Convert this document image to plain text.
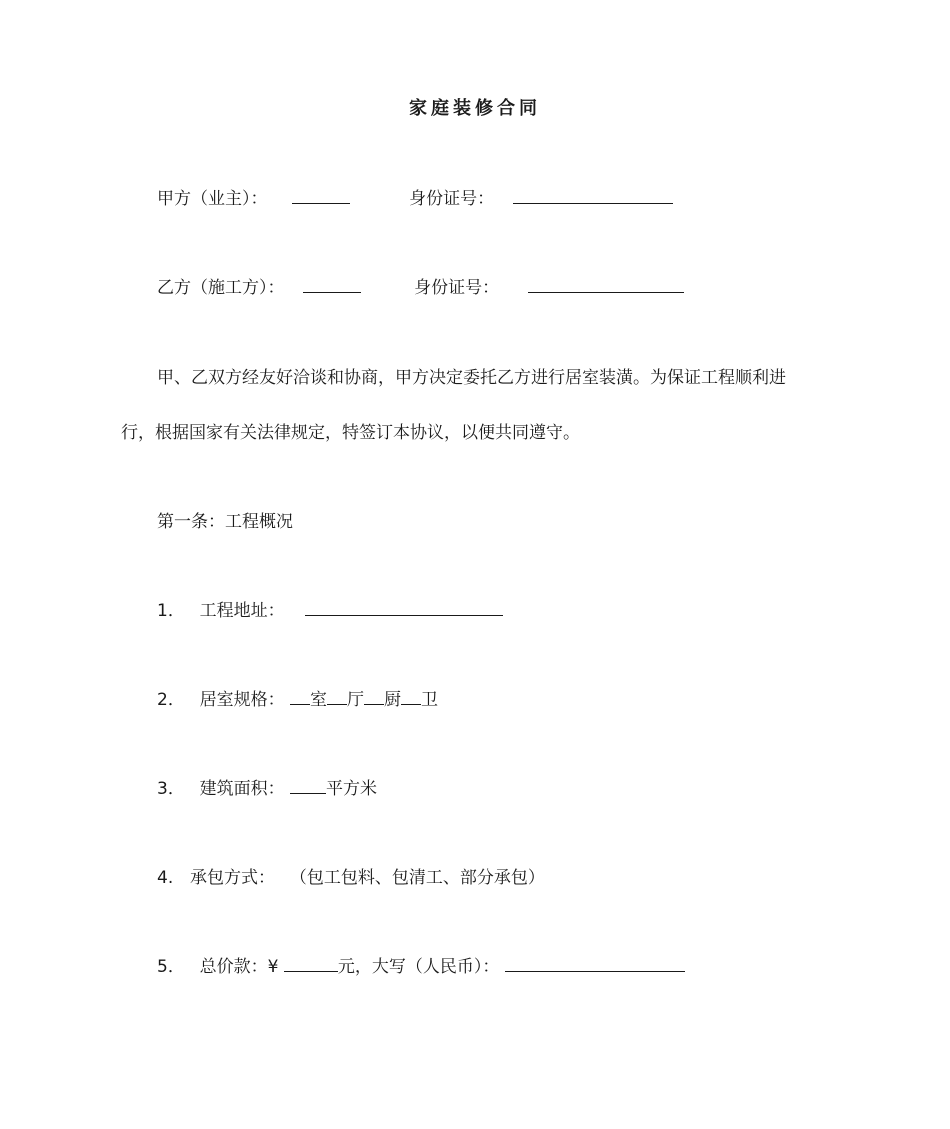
家庭装修合同
甲方（业主）：	身份证号：
乙方（施工方）：	身份证号：
甲、乙双方经友好洽谈和协商，甲方决定委托乙方进行居室装潢。为保证工程顺利进
行，根据国家有关法律规定，特签订本协议，以便共同遵守。
第一条：工程概况
1． 工程地址：
2． 居室规格： 室 厅 厨 卫
3． 建筑面积： 平方米
4. 承包方式： （包工包料、包清工、部分承包）
5． 总价款：¥	元，大写（人民币）：
